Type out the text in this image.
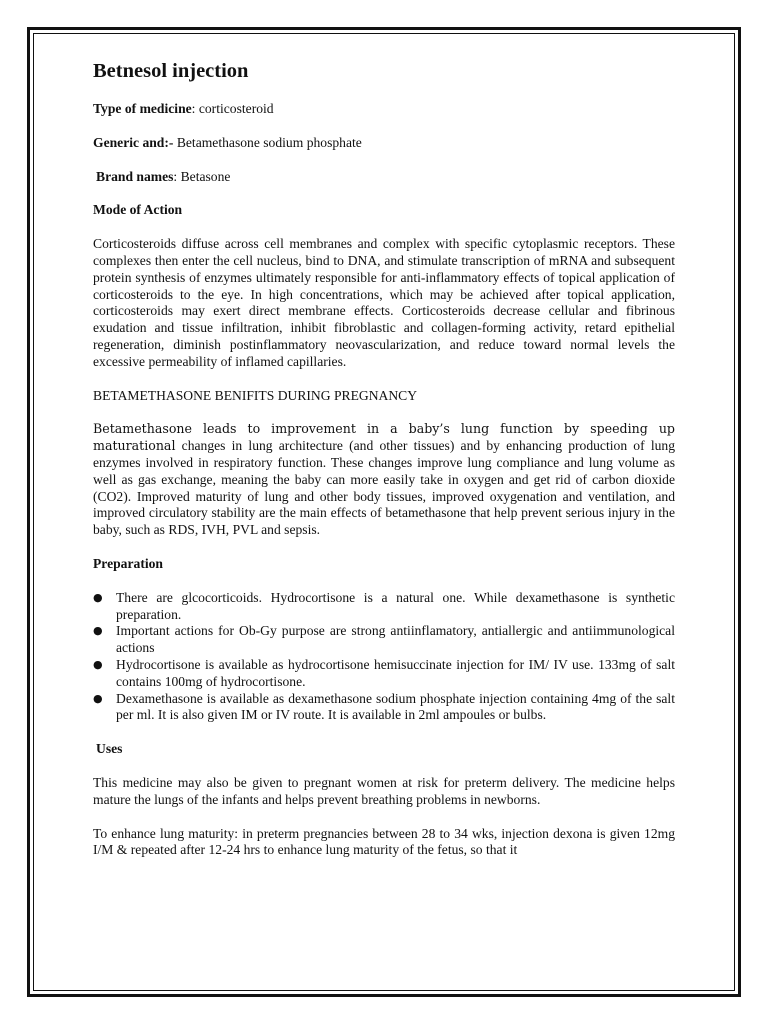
Betnesol injection

Type of medicine: corticosteroid

Generic and:- Betamethasone sodium phosphate

Brand names: Betasone

Mode of Action

Corticosteroids diffuse across cell membranes and complex with specific cytoplasmic receptors. These complexes then enter the cell nucleus, bind to DNA, and stimulate transcription of mRNA and subsequent protein synthesis of enzymes ultimately responsible for anti-inflammatory effects of topical application of corticosteroids to the eye. In high concentrations, which may be achieved after topical application, corticosteroids may exert direct membrane effects. Corticosteroids decrease cellular and fibrinous exudation and tissue infiltration, inhibit fibroblastic and collagen-forming activity, retard epithelial regeneration, diminish postinflammatory neovascularization, and reduce toward normal levels the excessive permeability of inflamed capillaries.

BETAMETHASONE BENIFITS DURING PREGNANCY

Betamethasone leads to improvement in a baby’s lung function by speeding up maturational changes in lung architecture (and other tissues) and by enhancing production of lung enzymes involved in respiratory function. These changes improve lung compliance and lung volume as well as gas exchange, meaning the baby can more easily take in oxygen and get rid of carbon dioxide (CO2). Improved maturity of lung and other body tissues, improved oxygenation and ventilation, and improved circulatory stability are the main effects of betamethasone that help prevent serious injury in the baby, such as RDS, IVH, PVL and sepsis.

Preparation

● There are glcocorticoids. Hydrocortisone is a natural one. While dexamethasone is synthetic preparation.
● Important actions for Ob-Gy purpose are strong antiinflamatory, antiallergic and antiimmunological actions
● Hydrocortisone is available as hydrocortisone hemisuccinate injection for IM/ IV use. 133mg of salt contains 100mg of hydrocortisone.
● Dexamethasone is available as dexamethasone sodium phosphate injection containing 4mg of the salt per ml. It is also given IM or IV route. It is available in 2ml ampoules or bulbs.

Uses

This medicine may also be given to pregnant women at risk for preterm delivery. The medicine helps mature the lungs of the infants and helps prevent breathing problems in newborns.

To enhance lung maturity: in preterm pregnancies between 28 to 34 wks, injection dexona is given 12mg I/M & repeated after 12-24 hrs to enhance lung maturity of the fetus, so that it
